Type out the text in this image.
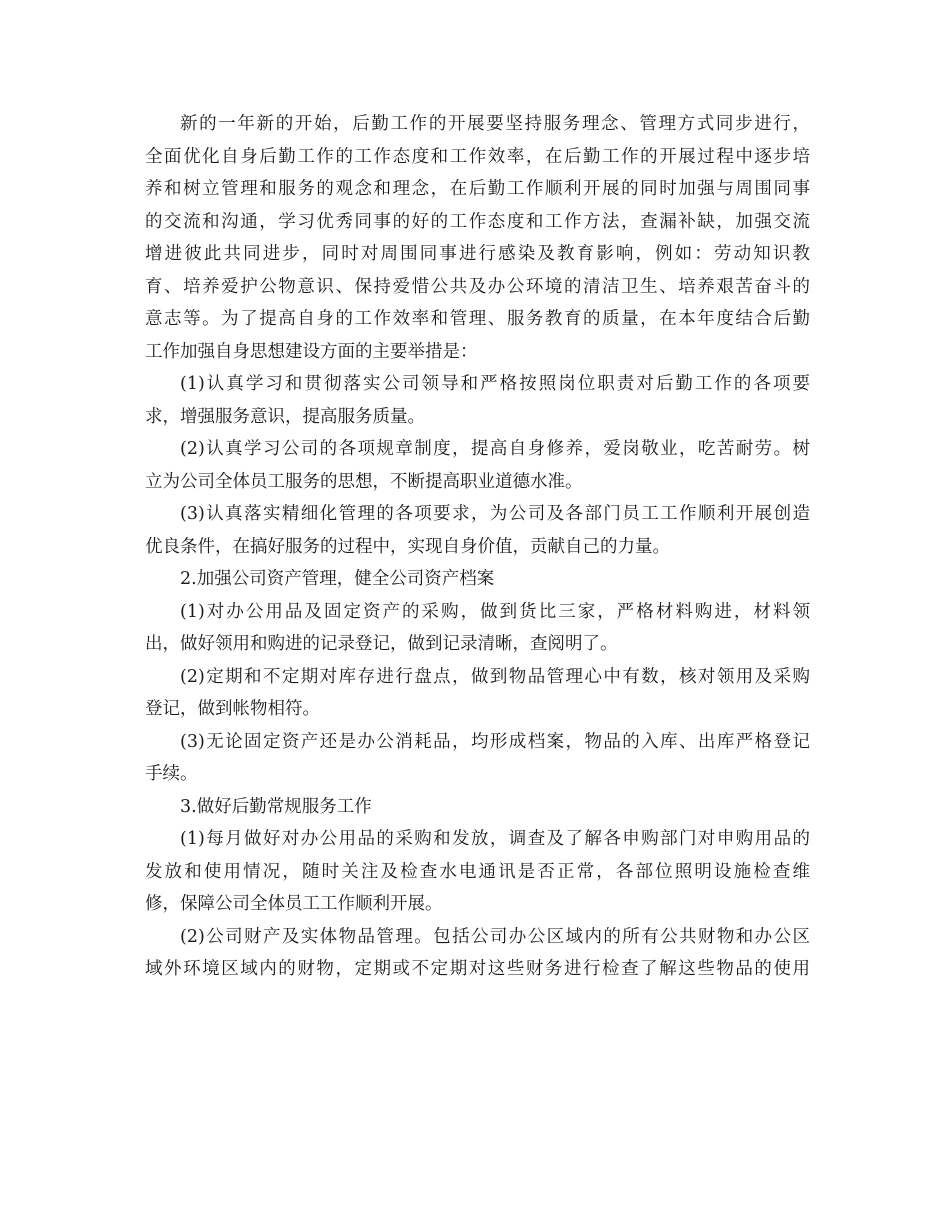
新的一年新的开始，后勤工作的开展要坚持服务理念、管理方式同步进行，
全面优化自身后勤工作的工作态度和工作效率，在后勤工作的开展过程中逐步培
养和树立管理和服务的观念和理念，在后勤工作顺利开展的同时加强与周围同事
的交流和沟通，学习优秀同事的好的工作态度和工作方法，查漏补缺，加强交流
增进彼此共同进步，同时对周围同事进行感染及教育影响，例如：劳动知识教
育、培养爱护公物意识、保持爱惜公共及办公环境的清洁卫生、培养艰苦奋斗的
意志等。为了提高自身的工作效率和管理、服务教育的质量，在本年度结合后勤
工作加强自身思想建设方面的主要举措是：
(1)认真学习和贯彻落实公司领导和严格按照岗位职责对后勤工作的各项要
求，增强服务意识，提高服务质量。
(2)认真学习公司的各项规章制度，提高自身修养，爱岗敬业，吃苦耐劳。树
立为公司全体员工服务的思想，不断提高职业道德水准。
(3)认真落实精细化管理的各项要求，为公司及各部门员工工作顺利开展创造
优良条件，在搞好服务的过程中，实现自身价值，贡献自己的力量。
2.加强公司资产管理，健全公司资产档案
(1)对办公用品及固定资产的采购，做到货比三家，严格材料购进，材料领
出，做好领用和购进的记录登记，做到记录清晰，查阅明了。
(2)定期和不定期对库存进行盘点，做到物品管理心中有数，核对领用及采购
登记，做到帐物相符。
(3)无论固定资产还是办公消耗品，均形成档案，物品的入库、出库严格登记
手续。
3.做好后勤常规服务工作
(1)每月做好对办公用品的采购和发放，调查及了解各申购部门对申购用品的
发放和使用情况，随时关注及检查水电通讯是否正常，各部位照明设施检查维
修，保障公司全体员工工作顺利开展。
(2)公司财产及实体物品管理。包括公司办公区域内的所有公共财物和办公区
域外环境区域内的财物，定期或不定期对这些财务进行检查了解这些物品的使用
